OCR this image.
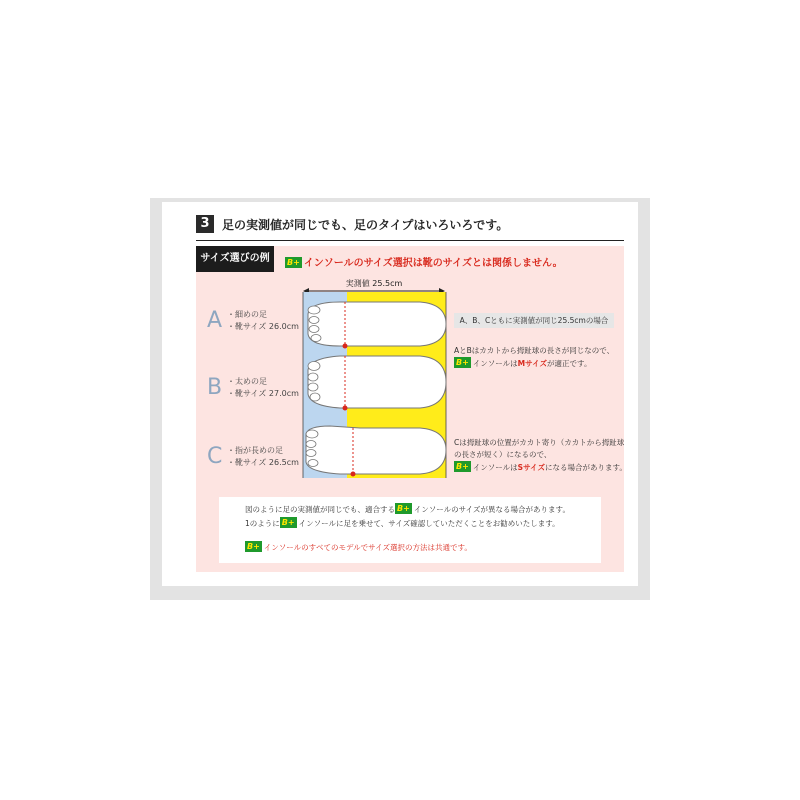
3	足の実測値が同じでも、足のタイプはいろいろです。
サイズ選びの例	B+ インソールのサイズ選択は靴のサイズとは関係しません。
実測値 25.5cm
A ・細めの足
・靴サイズ 26.0cm
B ・太めの足
・靴サイズ 27.0cm
C ・指が長めの足
・靴サイズ 26.5cm
A、B、Cともに実測値が同じ25.5cmの場合
AとBはカカトから拇趾球の長さが同じなので、
B+ インソールはMサイズが適正です。
Cは拇趾球の位置がカカト寄り（カカトから拇趾球
の長さが短く）になるので、
B+ インソールはSサイズになる場合があります。
図のように足の実測値が同じでも、適合する B+ インソールのサイズが異なる場合があります。
1のように B+ インソールに足を乗せて、サイズ確認していただくことをお勧めいたします。
B+ インソールのすべてのモデルでサイズ選択の方法は共通です。
